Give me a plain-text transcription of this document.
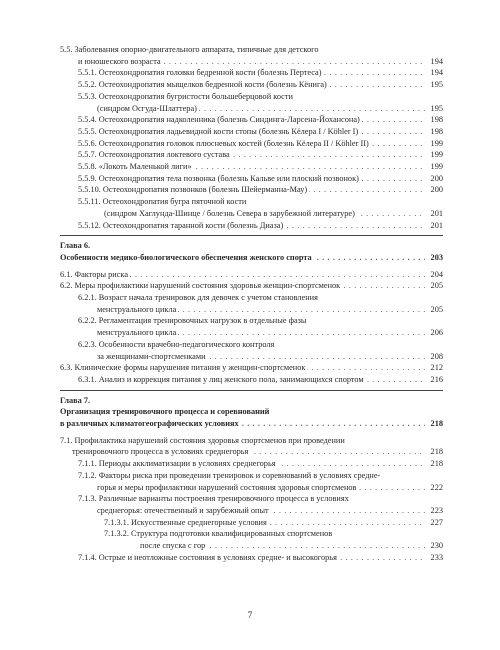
5.5. Заболевания опорно-двигательного аппарата, типичные для детского
и юношеского возраста . . .	194
5.5.1. Остеохондропатия головки бедренной кости (болезнь Пертеса) . . .	194
5.5.2. Остеохондропатия мыщелков бедренной кости (болезнь Кёнига) . . .	195
5.5.3. Остеохондропатия бугристости большеберцовой кости
(синдром Осгуда-Шлаттера) . . .	195
5.5.4. Остеохондропатия надколенника (болезнь Синдинга-Ларсена-Йохансона) . . .	198
5.5.5. Остеохондропатия ладьевидной кости стопы (болезнь Кёлера I / Köhler I) . . .	198
5.5.6. Остеохондропатия головок плюсневых костей (болезнь Кёлера II / Köhler II) . . .	199
5.5.7. Остеохондропатия локтевого сустава . . .	199
5.5.8. «Локоть Маленькой лиги» . . .	199
5.5.9. Остеохондропатия тела позвонка (болезнь Кальве или плоский позвонок) . . .	200
5.5.10. Остеохондропатия позвонков (болезнь Шейерманна-Мау) . . .	200
5.5.11. Остеохондропатия бугра пяточной кости
(синдром Хаглунда-Шинце / болезнь Севера в зарубежной литературе) . . .	201
5.5.12. Остеохондропатия таранной кости (болезнь Диаза) . . .	201
Глава 6.
Особенности медико-биологического обеспечения женского спорта . . .	203
6.1. Факторы риска . . .	204
6.2. Меры профилактики нарушений состояния здоровья женщин-спортсменок . . .	205
6.2.1. Возраст начала тренировок для девочек с учетом становления
менструального цикла . . .	205
6.2.2. Регламентация тренировочных нагрузок в отдельные фазы
менструального цикла . . .	206
6.2.3. Особенности врачебно-педагогического контроля
за женщинами-спортсменками . . .	208
6.3. Клинические формы нарушения питания у женщин-спортсменок . . .	212
6.3.1. Анализ и коррекция питания у лиц женского пола, занимающихся спортом . . .	216
Глава 7.
Организация тренировочного процесса и соревнований
в различных климатогеографических условиях . . .	218
7.1. Профилактика нарушений состояния здоровья спортсменов при проведении
тренировочного процесса в условиях среднегорья . . .	218
7.1.1. Периоды акклиматизации в условиях среднегорья . . .	218
7.1.2. Факторы риска при проведении тренировок и соревнований в условиях средне-
горья и меры профилактики нарушений состояния здоровья спортсменов . . .	222
7.1.3. Различные варианты построения тренировочного процесса в условиях
среднегорья: отечественный и зарубежный опыт . . .	223
7.1.3.1. Искусственные среднегорные условия . . .	227
7.1.3.2. Структура подготовки квалифицированных спортсменов
после спуска с гор . . .	230
7.1.4. Острые и неотложные состояния в условиях средне- и высокогорья . . .	233
7
